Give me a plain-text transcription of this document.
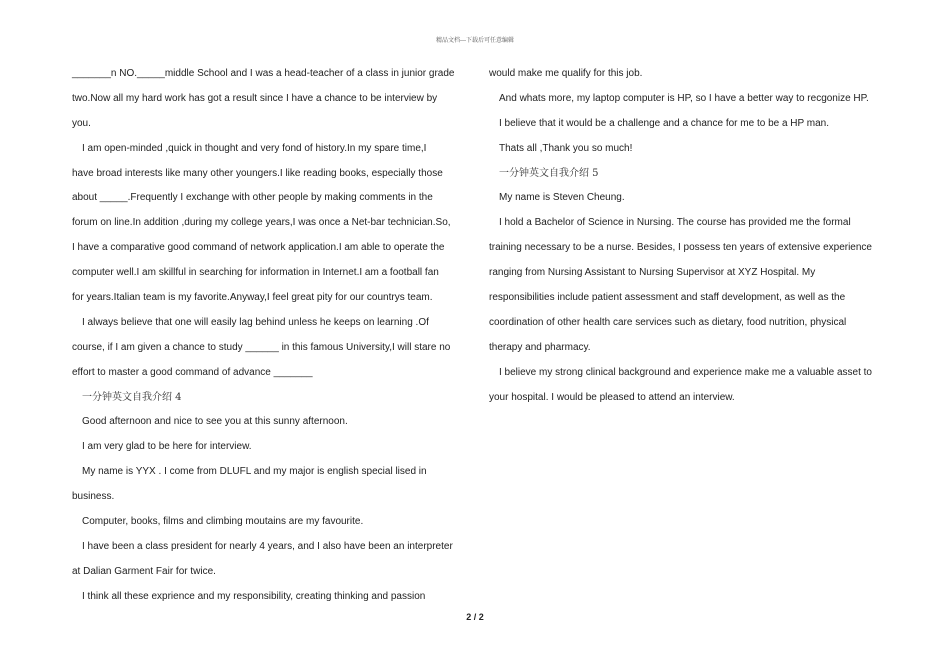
精品文档---下载后可任意编辑
_______n NO._____middle School and I was a head-teacher of a class in junior grade
two.Now all my hard work has got a result since I have a chance to be interview by
you.
I am open-minded ,quick in thought and very fond of history.In my spare time,I
have broad interests like many other youngers.I like reading books, especially those
about _____.Frequently I exchange with other people by making comments in the
forum on line.In addition ,during my college years,I was once a Net-bar technician.So,
I have a comparative good command of network application.I am able to operate the
computer well.I am skillful in searching for information in Internet.I am a football fan
for years.Italian team is my favorite.Anyway,I feel great pity for our countrys team.
I always believe that one will easily lag behind unless he keeps on learning .Of
course, if I am given a chance to study ______ in this famous University,I will stare no
effort to master a good command of advance _______
一分钟英文自我介绍 4
Good afternoon and nice to see you at this sunny afternoon.
I am very glad to be here for interview.
My name is YYX . I come from DLUFL and my major is english special lised in
business.
Computer, books, films and climbing moutains are my favourite.
I have been a class president for nearly 4 years, and I also have been an interpreter
at Dalian Garment Fair for twice.
I think all these exprience and my responsibility, creating thinking and passion
would make me qualify for this job.
And whats more, my laptop computer is HP, so I have a better way to recgonize HP.
I believe that it would be a challenge and a chance for me to be a HP man.
Thats all ,Thank you so much!
一分钟英文自我介绍 5
My name is Steven Cheung.
I hold a Bachelor of Science in Nursing. The course has provided me the formal
training necessary to be a nurse. Besides, I possess ten years of extensive experience
ranging from Nursing Assistant to Nursing Supervisor at XYZ Hospital. My
responsibilities include patient assessment and staff development, as well as the
coordination of other health care services such as dietary, food nutrition, physical
therapy and pharmacy.
I believe my strong clinical background and experience make me a valuable asset to
your hospital. I would be pleased to attend an interview.
2 / 2
